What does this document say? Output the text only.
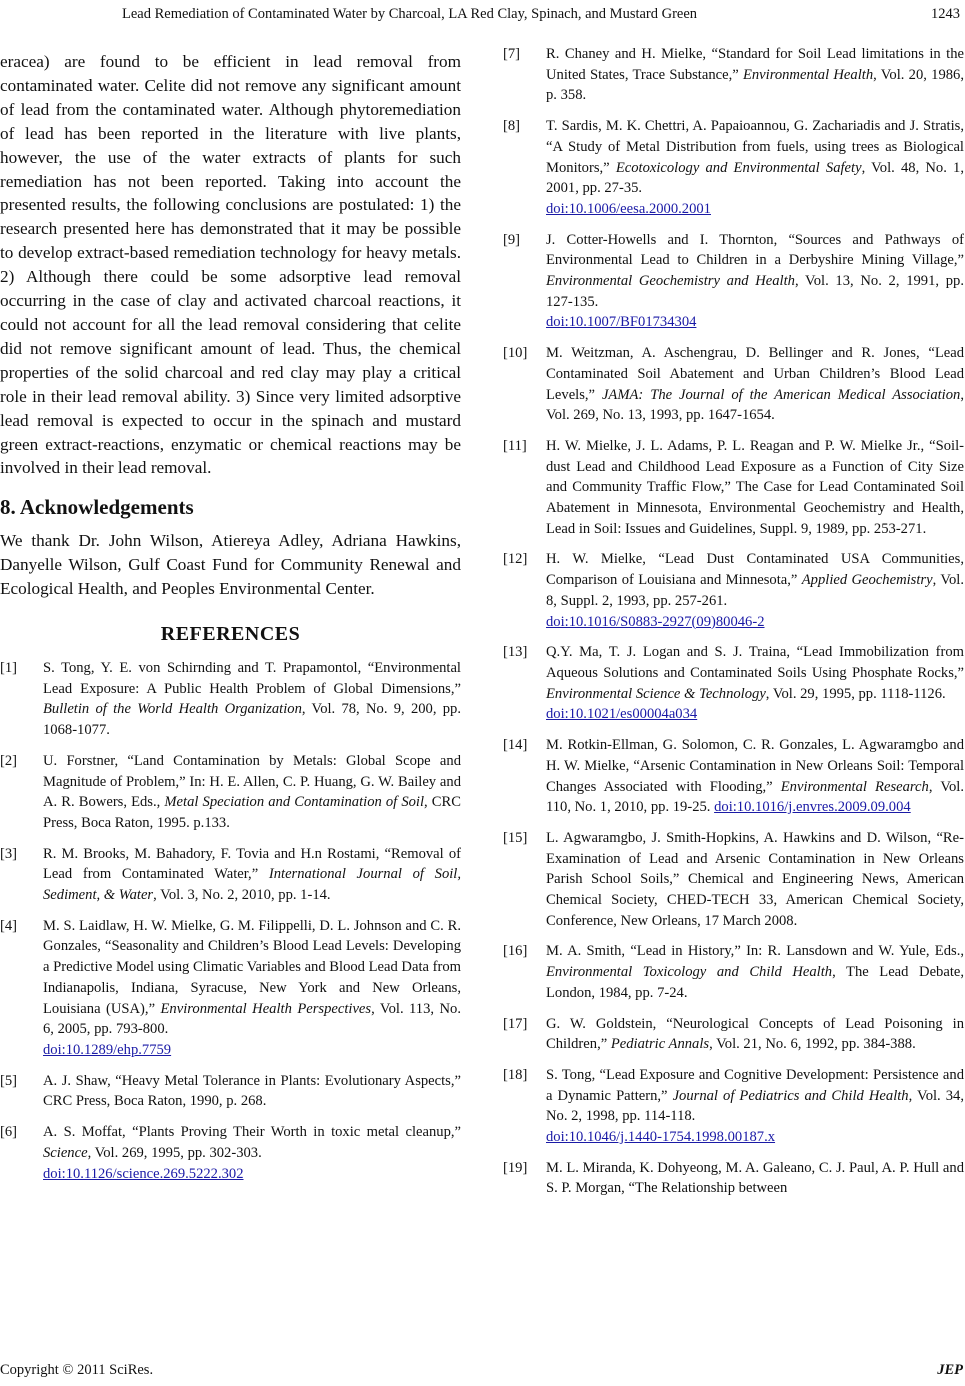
Lead Remediation of Contaminated Water by Charcoal, LA Red Clay, Spinach, and Mustard Green	1243

eracea) are found to be efficient in lead removal from contaminated water. Celite did not remove any significant amount of lead from the contaminated water. Although phytoremediation of lead has been reported in the literature with live plants, however, the use of the water extracts of plants for such remediation has not been reported. Taking into account the presented results, the following conclusions are postulated: 1) the research presented here has demonstrated that it may be possible to develop extract-based remediation technology for heavy metals. 2) Although there could be some adsorptive lead removal occurring in the case of clay and activated charcoal reactions, it could not account for all the lead removal considering that celite did not remove significant amount of lead. Thus, the chemical properties of the solid charcoal and red clay may play a critical role in their lead removal ability. 3) Since very limited adsorptive lead removal is expected to occur in the spinach and mustard green extract-reactions, enzymatic or chemical reactions may be involved in their lead removal.

8. Acknowledgements

We thank Dr. John Wilson, Atiereya Adley, Adriana Hawkins, Danyelle Wilson, Gulf Coast Fund for Community Renewal and Ecological Health, and Peoples Environmental Center.

REFERENCES

[1] S. Tong, Y. E. von Schirnding and T. Prapamontol, “Environmental Lead Exposure: A Public Health Problem of Global Dimensions,” Bulletin of the World Health Organization, Vol. 78, No. 9, 200, pp. 1068-1077.

[2] U. Forstner, “Land Contamination by Metals: Global Scope and Magnitude of Problem,” In: H. E. Allen, C. P. Huang, G. W. Bailey and A. R. Bowers, Eds., Metal Speciation and Contamination of Soil, CRC Press, Boca Raton, 1995. p.133.

[3] R. M. Brooks, M. Bahadory, F. Tovia and H.n Rostami, “Removal of Lead from Contaminated Water,” International Journal of Soil, Sediment, & Water, Vol. 3, No. 2, 2010, pp. 1-14.

[4] M. S. Laidlaw, H. W. Mielke, G. M. Filippelli, D. L. Johnson and C. R. Gonzales, “Seasonality and Children’s Blood Lead Levels: Developing a Predictive Model using Climatic Variables and Blood Lead Data from Indianapolis, Indiana, Syracuse, New York and New Orleans, Louisiana (USA),” Environmental Health Perspectives, Vol. 113, No. 6, 2005, pp. 793-800.
doi:10.1289/ehp.7759

[5] A. J. Shaw, “Heavy Metal Tolerance in Plants: Evolutionary Aspects,” CRC Press, Boca Raton, 1990, p. 268.

[6] A. S. Moffat, “Plants Proving Their Worth in toxic metal cleanup,” Science, Vol. 269, 1995, pp. 302-303.
doi:10.1126/science.269.5222.302

[7] R. Chaney and H. Mielke, “Standard for Soil Lead limitations in the United States, Trace Substance,” Environmental Health, Vol. 20, 1986, p. 358.

[8] T. Sardis, M. K. Chettri, A. Papaioannou, G. Zachariadis and J. Stratis, “A Study of Metal Distribution from fuels, using trees as Biological Monitors,” Ecotoxicology and Environmental Safety, Vol. 48, No. 1, 2001, pp. 27-35.
doi:10.1006/eesa.2000.2001

[9] J. Cotter-Howells and I. Thornton, “Sources and Pathways of Environmental Lead to Children in a Derbyshire Mining Village,” Environmental Geochemistry and Health, Vol. 13, No. 2, 1991, pp. 127-135.
doi:10.1007/BF01734304

[10] M. Weitzman, A. Aschengrau, D. Bellinger and R. Jones, “Lead Contaminated Soil Abatement and Urban Children’s Blood Lead Levels,” JAMA: The Journal of the American Medical Association, Vol. 269, No. 13, 1993, pp. 1647-1654.

[11] H. W. Mielke, J. L. Adams, P. L. Reagan and P. W. Mielke Jr., “Soil-dust Lead and Childhood Lead Exposure as a Function of City Size and Community Traffic Flow,” The Case for Lead Contaminated Soil Abatement in Minnesota, Environmental Geochemistry and Health, Lead in Soil: Issues and Guidelines, Suppl. 9, 1989, pp. 253-271.

[12] H. W. Mielke, “Lead Dust Contaminated USA Communities, Comparison of Louisiana and Minnesota,” Applied Geochemistry, Vol. 8, Suppl. 2, 1993, pp. 257-261.
doi:10.1016/S0883-2927(09)80046-2

[13] Q.Y. Ma, T. J. Logan and S. J. Traina, “Lead Immobilization from Aqueous Solutions and Contaminated Soils Using Phosphate Rocks,” Environmental Science & Technology, Vol. 29, 1995, pp. 1118-1126.
doi:10.1021/es00004a034

[14] M. Rotkin-Ellman, G. Solomon, C. R. Gonzales, L. Agwaramgbo and H. W. Mielke, “Arsenic Contamination in New Orleans Soil: Temporal Changes Associated with Flooding,” Environmental Research, Vol. 110, No. 1, 2010, pp. 19-25. doi:10.1016/j.envres.2009.09.004

[15] L. Agwaramgbo, J. Smith-Hopkins, A. Hawkins and D. Wilson, “Re-Examination of Lead and Arsenic Contamination in New Orleans Parish School Soils,” Chemical and Engineering News, American Chemical Society, CHED-TECH 33, American Chemical Society, Conference, New Orleans, 17 March 2008.

[16] M. A. Smith, “Lead in History,” In: R. Lansdown and W. Yule, Eds., Environmental Toxicology and Child Health, The Lead Debate, London, 1984, pp. 7-24.

[17] G. W. Goldstein, “Neurological Concepts of Lead Poisoning in Children,” Pediatric Annals, Vol. 21, No. 6, 1992, pp. 384-388.

[18] S. Tong, “Lead Exposure and Cognitive Development: Persistence and a Dynamic Pattern,” Journal of Pediatrics and Child Health, Vol. 34, No. 2, 1998, pp. 114-118.
doi:10.1046/j.1440-1754.1998.00187.x

[19] M. L. Miranda, K. Dohyeong, M. A. Galeano, C. J. Paul, A. P. Hull and S. P. Morgan, “The Relationship between

Copyright © 2011 SciRes.	JEP
